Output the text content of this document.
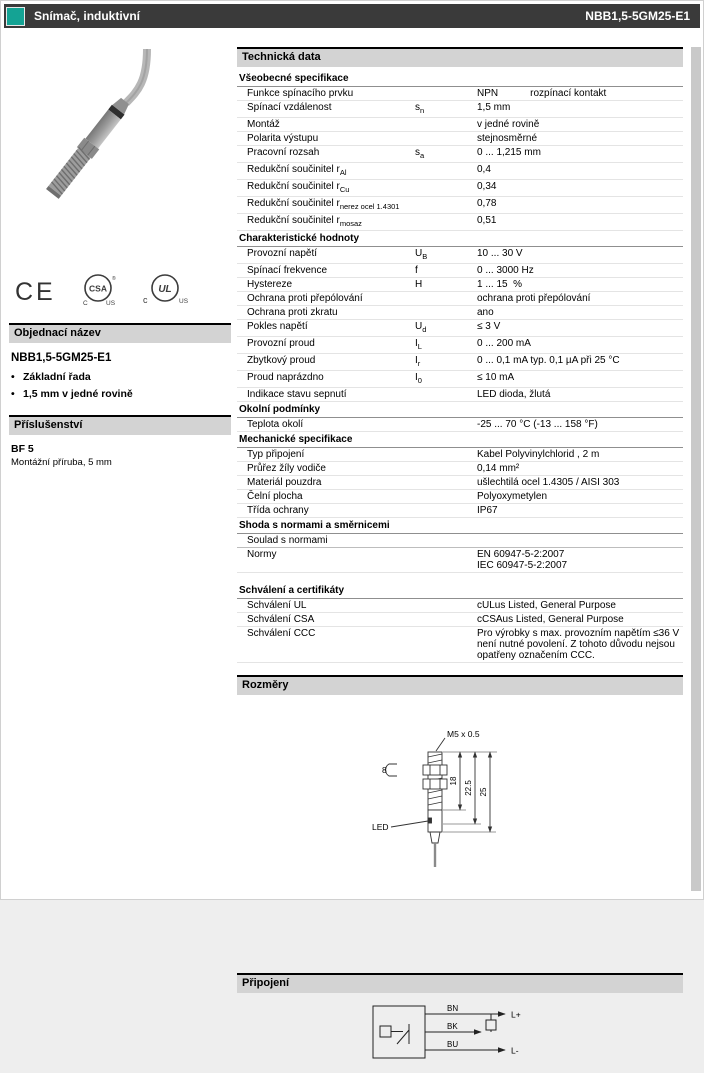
Snímač, induktivní	NBB1,5-5GM25-E1
CE	CSA
®
C	US	c
UL
US
Objednací název
NBB1,5-5GM25-E1
• Základní řada
• 1,5 mm v jedné rovině
Příslušenství
BF 5
Montážní příruba, 5 mm
Technická data
Všeobecné specifikace
Funkce spínacího prvku	NPN	rozpínací kontakt
Spínací vzdálenost	$s_n$	1,5 mm
Montáž	v jedné rovině
Polarita výstupu	stejnosměrné
Pracovní rozsah	$s_a$	0 ... 1,215 mm
Redukční součinitel $r_{Al}$	0,4
Redukční součinitel $r_{Cu}$	0,34
Redukční součinitel $r_{nerez ocel 1.4301}$	0,78
Redukční součinitel $r_{mosaz}$	0,51
Charakteristické hodnoty
Provozní napětí	$U_B$	10 ... 30 V
Spínací frekvence	f	0 ... 3000 Hz
Hystereze	H	1 ... 15  %
Ochrana proti přepólování	ochrana proti přepólování
Ochrana proti zkratu	ano
Pokles napětí	$U_d$	≤ 3 V
Provozní proud	$I_L$	0 ... 200 mA
Zbytkový proud	$I_r$	0 ... 0,1 mA typ. 0,1 µA při 25 °C
Proud naprázdno	$I_0$	≤ 10 mA
Indikace stavu sepnutí	LED dioda, žlutá
Okolní podmínky
Teplota okolí	-25 ... 70 °C (-13 ... 158 °F)
Mechanické specifikace
Typ připojení	Kabel Polyvinylchlorid , 2 m
Průřez žíly vodiče	0,14 mm²
Materiál pouzdra	ušlechtilá ocel 1.4305 / AISI 303
Čelní plocha	Polyoxymetylen
Třída ochrany	IP67
Shoda s normami a směrnicemi
Soulad s normami
Normy	EN 60947-5-2:2007
IEC 60947-5-2:2007
Schválení a certifikáty
Schválení UL	cULus Listed, General Purpose
Schválení CSA	cCSAus Listed, General Purpose
Schválení CCC	Pro výrobky s max. provozním napětím ≤36 V není nutné povolení. Z tohoto důvodu nejsou opatřeny označením CCC.
Rozměry
M5 x 0.5
8
LED
18 22.5 25
Připojení
BN
BK
BU
L+
L-
